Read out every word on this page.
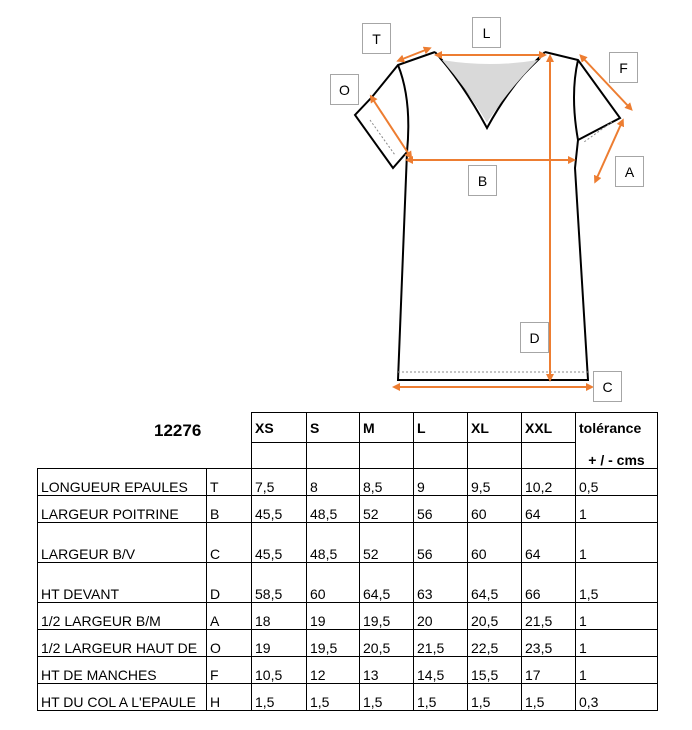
T	L
O
F
B
A
D
C
12276
			XS	S	M	L	XL	XXL	tolérance
								+ / - cms
LONGUEUR EPAULES	T	7,5	8	8,5	9	9,5	10,2	0,5
LARGEUR POITRINE	B	45,5	48,5	52	56	60	64	1
LARGEUR B/V	C	45,5	48,5	52	56	60	64	1
HT DEVANT	D	58,5	60	64,5	63	64,5	66	1,5
1/2 LARGEUR B/M	A	18	19	19,5	20	20,5	21,5	1
1/2 LARGEUR HAUT DE	O	19	19,5	20,5	21,5	22,5	23,5	1
HT DE MANCHES	F	10,5	12	13	14,5	15,5	17	1
HT DU COL A L'EPAULE	H	1,5	1,5	1,5	1,5	1,5	1,5	0,3
